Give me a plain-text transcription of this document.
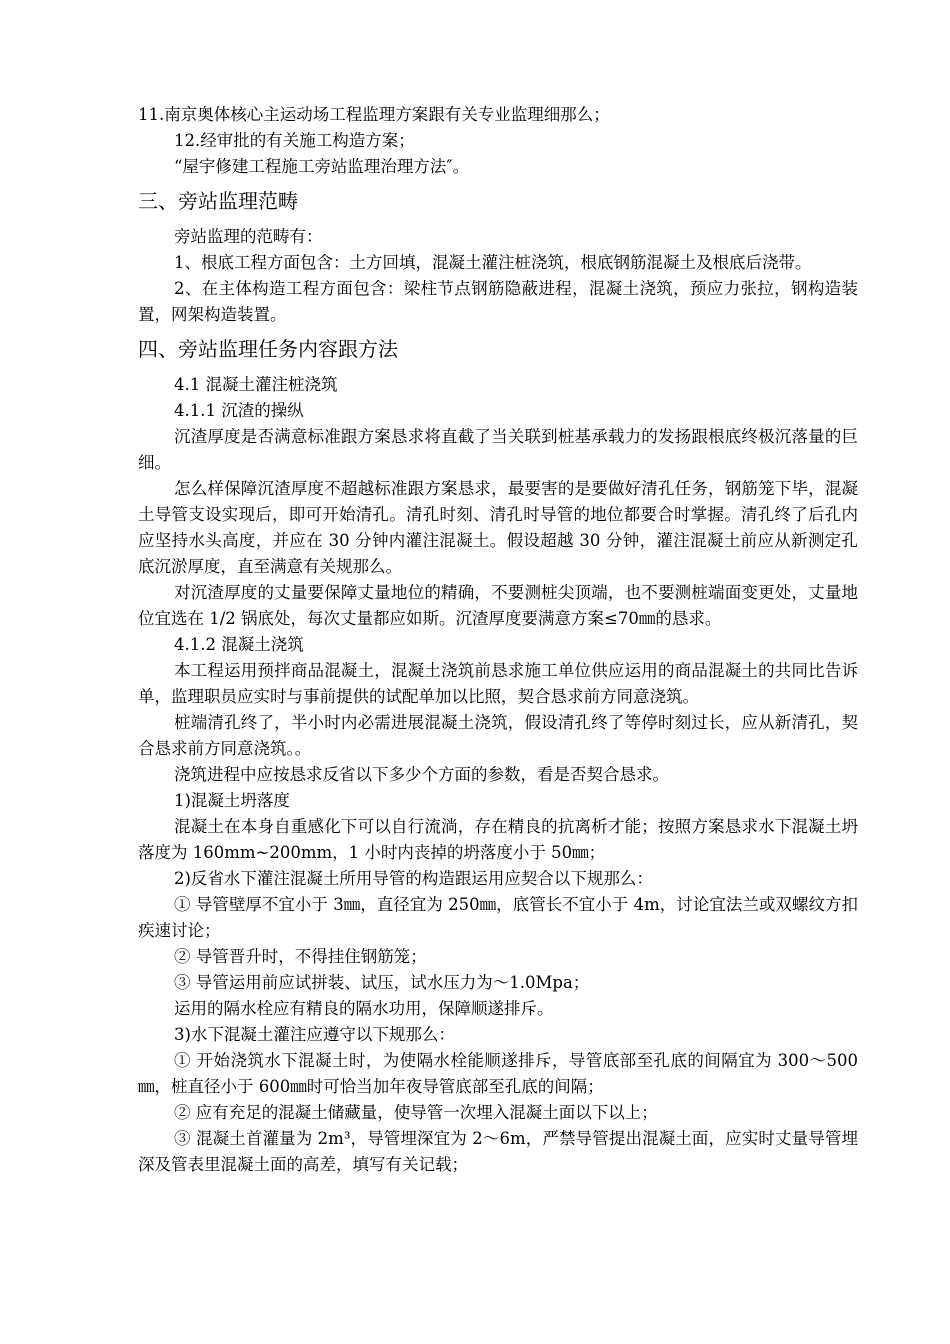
11.南京奥体核心主运动场工程监理方案跟有关专业监理细那么；

12.经审批的有关施工构造方案；

“屋宇修建工程施工旁站监理治理方法″。

三、旁站监理范畴

旁站监理的范畴有：

1、根底工程方面包含：土方回填，混凝土灌注桩浇筑，根底钢筋混凝土及根底后浇带。

2、在主体构造工程方面包含：梁柱节点钢筋隐蔽进程，混凝土浇筑，预应力张拉，钢构造装置，网架构造装置。

四、旁站监理任务内容跟方法

4.1 混凝土灌注桩浇筑

4.1.1 沉渣的操纵

沉渣厚度是否满意标准跟方案恳求将直截了当关联到桩基承载力的发扬跟根底终极沉落量的巨细。

怎么样保障沉渣厚度不超越标准跟方案恳求，最要害的是要做好清孔任务，钢筋笼下毕，混凝土导管支设实现后，即可开始清孔。清孔时刻、清孔时导管的地位都要合时掌握。清孔终了后孔内应坚持水头高度，并应在 30 分钟内灌注混凝土。假设超越 30 分钟，灌注混凝土前应从新测定孔底沉淤厚度，直至满意有关规那么。

对沉渣厚度的丈量要保障丈量地位的精确，不要测桩尖顶端，也不要测桩端面变更处，丈量地位宜选在 1/2 锅底处，每次丈量都应如斯。沉渣厚度要满意方案≤70㎜的恳求。

4.1.2 混凝土浇筑

本工程运用预拌商品混凝土，混凝土浇筑前恳求施工单位供应运用的商品混凝土的共同比告诉单，监理职员应实时与事前提供的试配单加以比照，契合恳求前方同意浇筑。

桩端清孔终了，半小时内必需进展混凝土浇筑，假设清孔终了等停时刻过长，应从新清孔，契合恳求前方同意浇筑。。

浇筑进程中应按恳求反省以下多少个方面的参数，看是否契合恳求。

1)混凝土坍落度

混凝土在本身自重感化下可以自行流淌，存在精良的抗离析才能；按照方案恳求水下混凝土坍落度为 160mm~200mm，1 小时内丧掉的坍落度小于 50㎜；

2)反省水下灌注混凝土所用导管的构造跟运用应契合以下规那么：

① 导管壁厚不宜小于 3㎜，直径宜为 250㎜，底管长不宜小于 4m，讨论宜法兰或双螺纹方扣疾速讨论；

② 导管晋升时，不得挂住钢筋笼；

③ 导管运用前应试拼装、试压，试水压力为～1.0Mpa；

运用的隔水栓应有精良的隔水功用，保障顺遂排斥。

3)水下混凝土灌注应遵守以下规那么：

① 开始浇筑水下混凝土时，为使隔水栓能顺遂排斥，导管底部至孔底的间隔宜为 300～500㎜，桩直径小于 600㎜时可恰当加年夜导管底部至孔底的间隔；

② 应有充足的混凝土储藏量，使导管一次埋入混凝土面以下以上；

③ 混凝土首灌量为 2m³，导管埋深宜为 2～6m，严禁导管提出混凝土面，应实时丈量导管埋深及管表里混凝土面的高差，填写有关记载；
